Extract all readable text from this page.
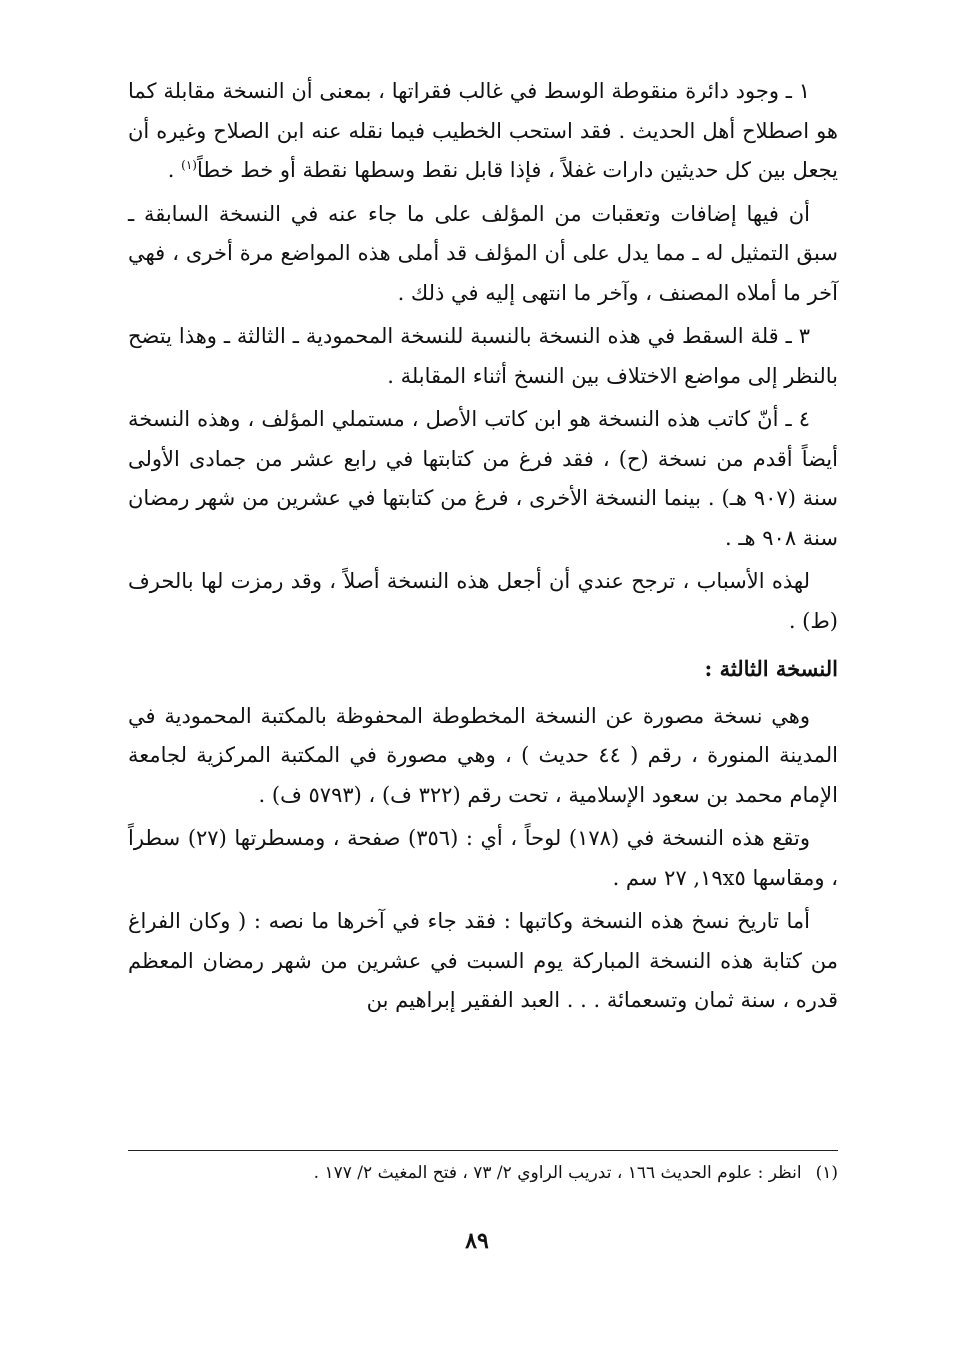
١ ـ وجود دائرة منقوطة الوسط في غالب فقراتها ، بمعنى أن النسخة مقابلة كما هو اصطلاح أهل الحديث . فقد استحب الخطيب فيما نقله عنه ابن الصلاح وغيره أن يجعل بين كل حديثين دارات غفلاً ، فإذا قابل نقط وسطها نقطة أو خط خطاً$^{(١)}$ .

أن فيها إضافات وتعقبات من المؤلف على ما جاء عنه في النسخة السابقة ـ سبق التمثيل له ـ مما يدل على أن المؤلف قد أملى هذه المواضع مرة أخرى ، فهي آخر ما أملاه المصنف ، وآخر ما انتهى إليه في ذلك .

٣ ـ قلة السقط في هذه النسخة بالنسبة للنسخة المحمودية ـ الثالثة ـ وهذا يتضح بالنظر إلى مواضع الاختلاف بين النسخ أثناء المقابلة .

٤ ـ أنّ كاتب هذه النسخة هو ابن كاتب الأصل ، مستملي المؤلف ، وهذه النسخة أيضاً أقدم من نسخة (ح) ، فقد فرغ من كتابتها في رابع عشر من جمادى الأولى سنة (٩٠٧ هـ) . بينما النسخة الأخرى ، فرغ من كتابتها في عشرين من شهر رمضان سنة ٩٠٨ هـ .

لهذه الأسباب ، ترجح عندي أن أجعل هذه النسخة أصلاً ، وقد رمزت لها بالحرف (ط) .

النسخة الثالثة :

وهي نسخة مصورة عن النسخة المخطوطة المحفوظة بالمكتبة المحمودية في المدينة المنورة ، رقم ( ٤٤ حديث ) ، وهي مصورة في المكتبة المركزية لجامعة الإمام محمد بن سعود الإسلامية ، تحت رقم (٣٢٢ ف) ، (٥٧٩٣ ف) .

وتقع هذه النسخة في (١٧٨) لوحاً ، أي : (٣٥٦) صفحة ، ومسطرتها (٢٧) سطراً ، ومقاسها ١٩x٥, ٢٧ سم .

أما تاريخ نسخ هذه النسخة وكاتبها : فقد جاء في آخرها ما نصه : ( وكان الفراغ من كتابة هذه النسخة المباركة يوم السبت في عشرين من شهر رمضان المعظم قدره ، سنة ثمان وتسعمائة . . . العبد الفقير إبراهيم بن

(١)انظر : علوم الحديث ١٦٦ ، تدريب الراوي ٢/ ٧٣ ، فتح المغيث ٢/ ١٧٧ .
٨٩
